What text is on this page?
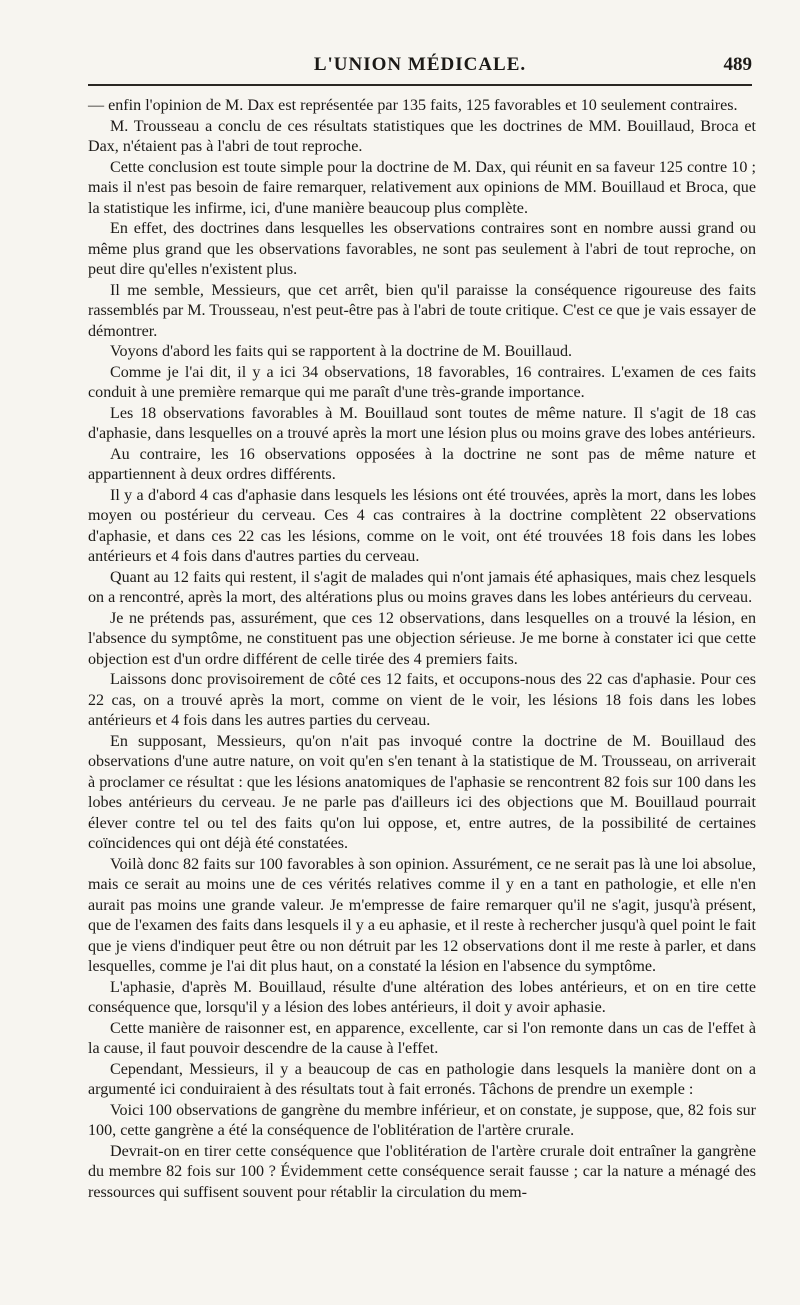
L'UNION MÉDICALE.	489

— enfin l'opinion de M. Dax est représentée par 135 faits, 125 favorables et 10 seulement contraires.

M. Trousseau a conclu de ces résultats statistiques que les doctrines de MM. Bouillaud, Broca et Dax, n'étaient pas à l'abri de tout reproche.

Cette conclusion est toute simple pour la doctrine de M. Dax, qui réunit en sa faveur 125 contre 10 ; mais il n'est pas besoin de faire remarquer, relativement aux opinions de MM. Bouillaud et Broca, que la statistique les infirme, ici, d'une manière beaucoup plus complète.

En effet, des doctrines dans lesquelles les observations contraires sont en nombre aussi grand ou même plus grand que les observations favorables, ne sont pas seulement à l'abri de tout reproche, on peut dire qu'elles n'existent plus.

Il me semble, Messieurs, que cet arrêt, bien qu'il paraisse la conséquence rigoureuse des faits rassemblés par M. Trousseau, n'est peut-être pas à l'abri de toute critique. C'est ce que je vais essayer de démontrer.

Voyons d'abord les faits qui se rapportent à la doctrine de M. Bouillaud.

Comme je l'ai dit, il y a ici 34 observations, 18 favorables, 16 contraires. L'examen de ces faits conduit à une première remarque qui me paraît d'une très-grande importance.

Les 18 observations favorables à M. Bouillaud sont toutes de même nature. Il s'agit de 18 cas d'aphasie, dans lesquelles on a trouvé après la mort une lésion plus ou moins grave des lobes antérieurs.

Au contraire, les 16 observations opposées à la doctrine ne sont pas de même nature et appartiennent à deux ordres différents.

Il y a d'abord 4 cas d'aphasie dans lesquels les lésions ont été trouvées, après la mort, dans les lobes moyen ou postérieur du cerveau. Ces 4 cas contraires à la doctrine complètent 22 observations d'aphasie, et dans ces 22 cas les lésions, comme on le voit, ont été trouvées 18 fois dans les lobes antérieurs et 4 fois dans d'autres parties du cerveau.

Quant au 12 faits qui restent, il s'agit de malades qui n'ont jamais été aphasiques, mais chez lesquels on a rencontré, après la mort, des altérations plus ou moins graves dans les lobes antérieurs du cerveau.

Je ne prétends pas, assurément, que ces 12 observations, dans lesquelles on a trouvé la lésion, en l'absence du symptôme, ne constituent pas une objection sérieuse. Je me borne à constater ici que cette objection est d'un ordre différent de celle tirée des 4 premiers faits.

Laissons donc provisoirement de côté ces 12 faits, et occupons-nous des 22 cas d'aphasie. Pour ces 22 cas, on a trouvé après la mort, comme on vient de le voir, les lésions 18 fois dans les lobes antérieurs et 4 fois dans les autres parties du cerveau.

En supposant, Messieurs, qu'on n'ait pas invoqué contre la doctrine de M. Bouillaud des observations d'une autre nature, on voit qu'en s'en tenant à la statistique de M. Trousseau, on arriverait à proclamer ce résultat : que les lésions anatomiques de l'aphasie se rencontrent 82 fois sur 100 dans les lobes antérieurs du cerveau. Je ne parle pas d'ailleurs ici des objections que M. Bouillaud pourrait élever contre tel ou tel des faits qu'on lui oppose, et, entre autres, de la possibilité de certaines coïncidences qui ont déjà été constatées.

Voilà donc 82 faits sur 100 favorables à son opinion. Assurément, ce ne serait pas là une loi absolue, mais ce serait au moins une de ces vérités relatives comme il y en a tant en pathologie, et elle n'en aurait pas moins une grande valeur. Je m'empresse de faire remarquer qu'il ne s'agit, jusqu'à présent, que de l'examen des faits dans lesquels il y a eu aphasie, et il reste à rechercher jusqu'à quel point le fait que je viens d'indiquer peut être ou non détruit par les 12 observations dont il me reste à parler, et dans lesquelles, comme je l'ai dit plus haut, on a constaté la lésion en l'absence du symptôme.

L'aphasie, d'après M. Bouillaud, résulte d'une altération des lobes antérieurs, et on en tire cette conséquence que, lorsqu'il y a lésion des lobes antérieurs, il doit y avoir aphasie.

Cette manière de raisonner est, en apparence, excellente, car si l'on remonte dans un cas de l'effet à la cause, il faut pouvoir descendre de la cause à l'effet.

Cependant, Messieurs, il y a beaucoup de cas en pathologie dans lesquels la manière dont on a argumenté ici conduiraient à des résultats tout à fait erronés. Tâchons de prendre un exemple :

Voici 100 observations de gangrène du membre inférieur, et on constate, je suppose, que, 82 fois sur 100, cette gangrène a été la conséquence de l'oblitération de l'artère crurale.

Devrait-on en tirer cette conséquence que l'oblitération de l'artère crurale doit entraîner la gangrène du membre 82 fois sur 100 ? Évidemment cette conséquence serait fausse ; car la nature a ménagé des ressources qui suffisent souvent pour rétablir la circulation du mem-
